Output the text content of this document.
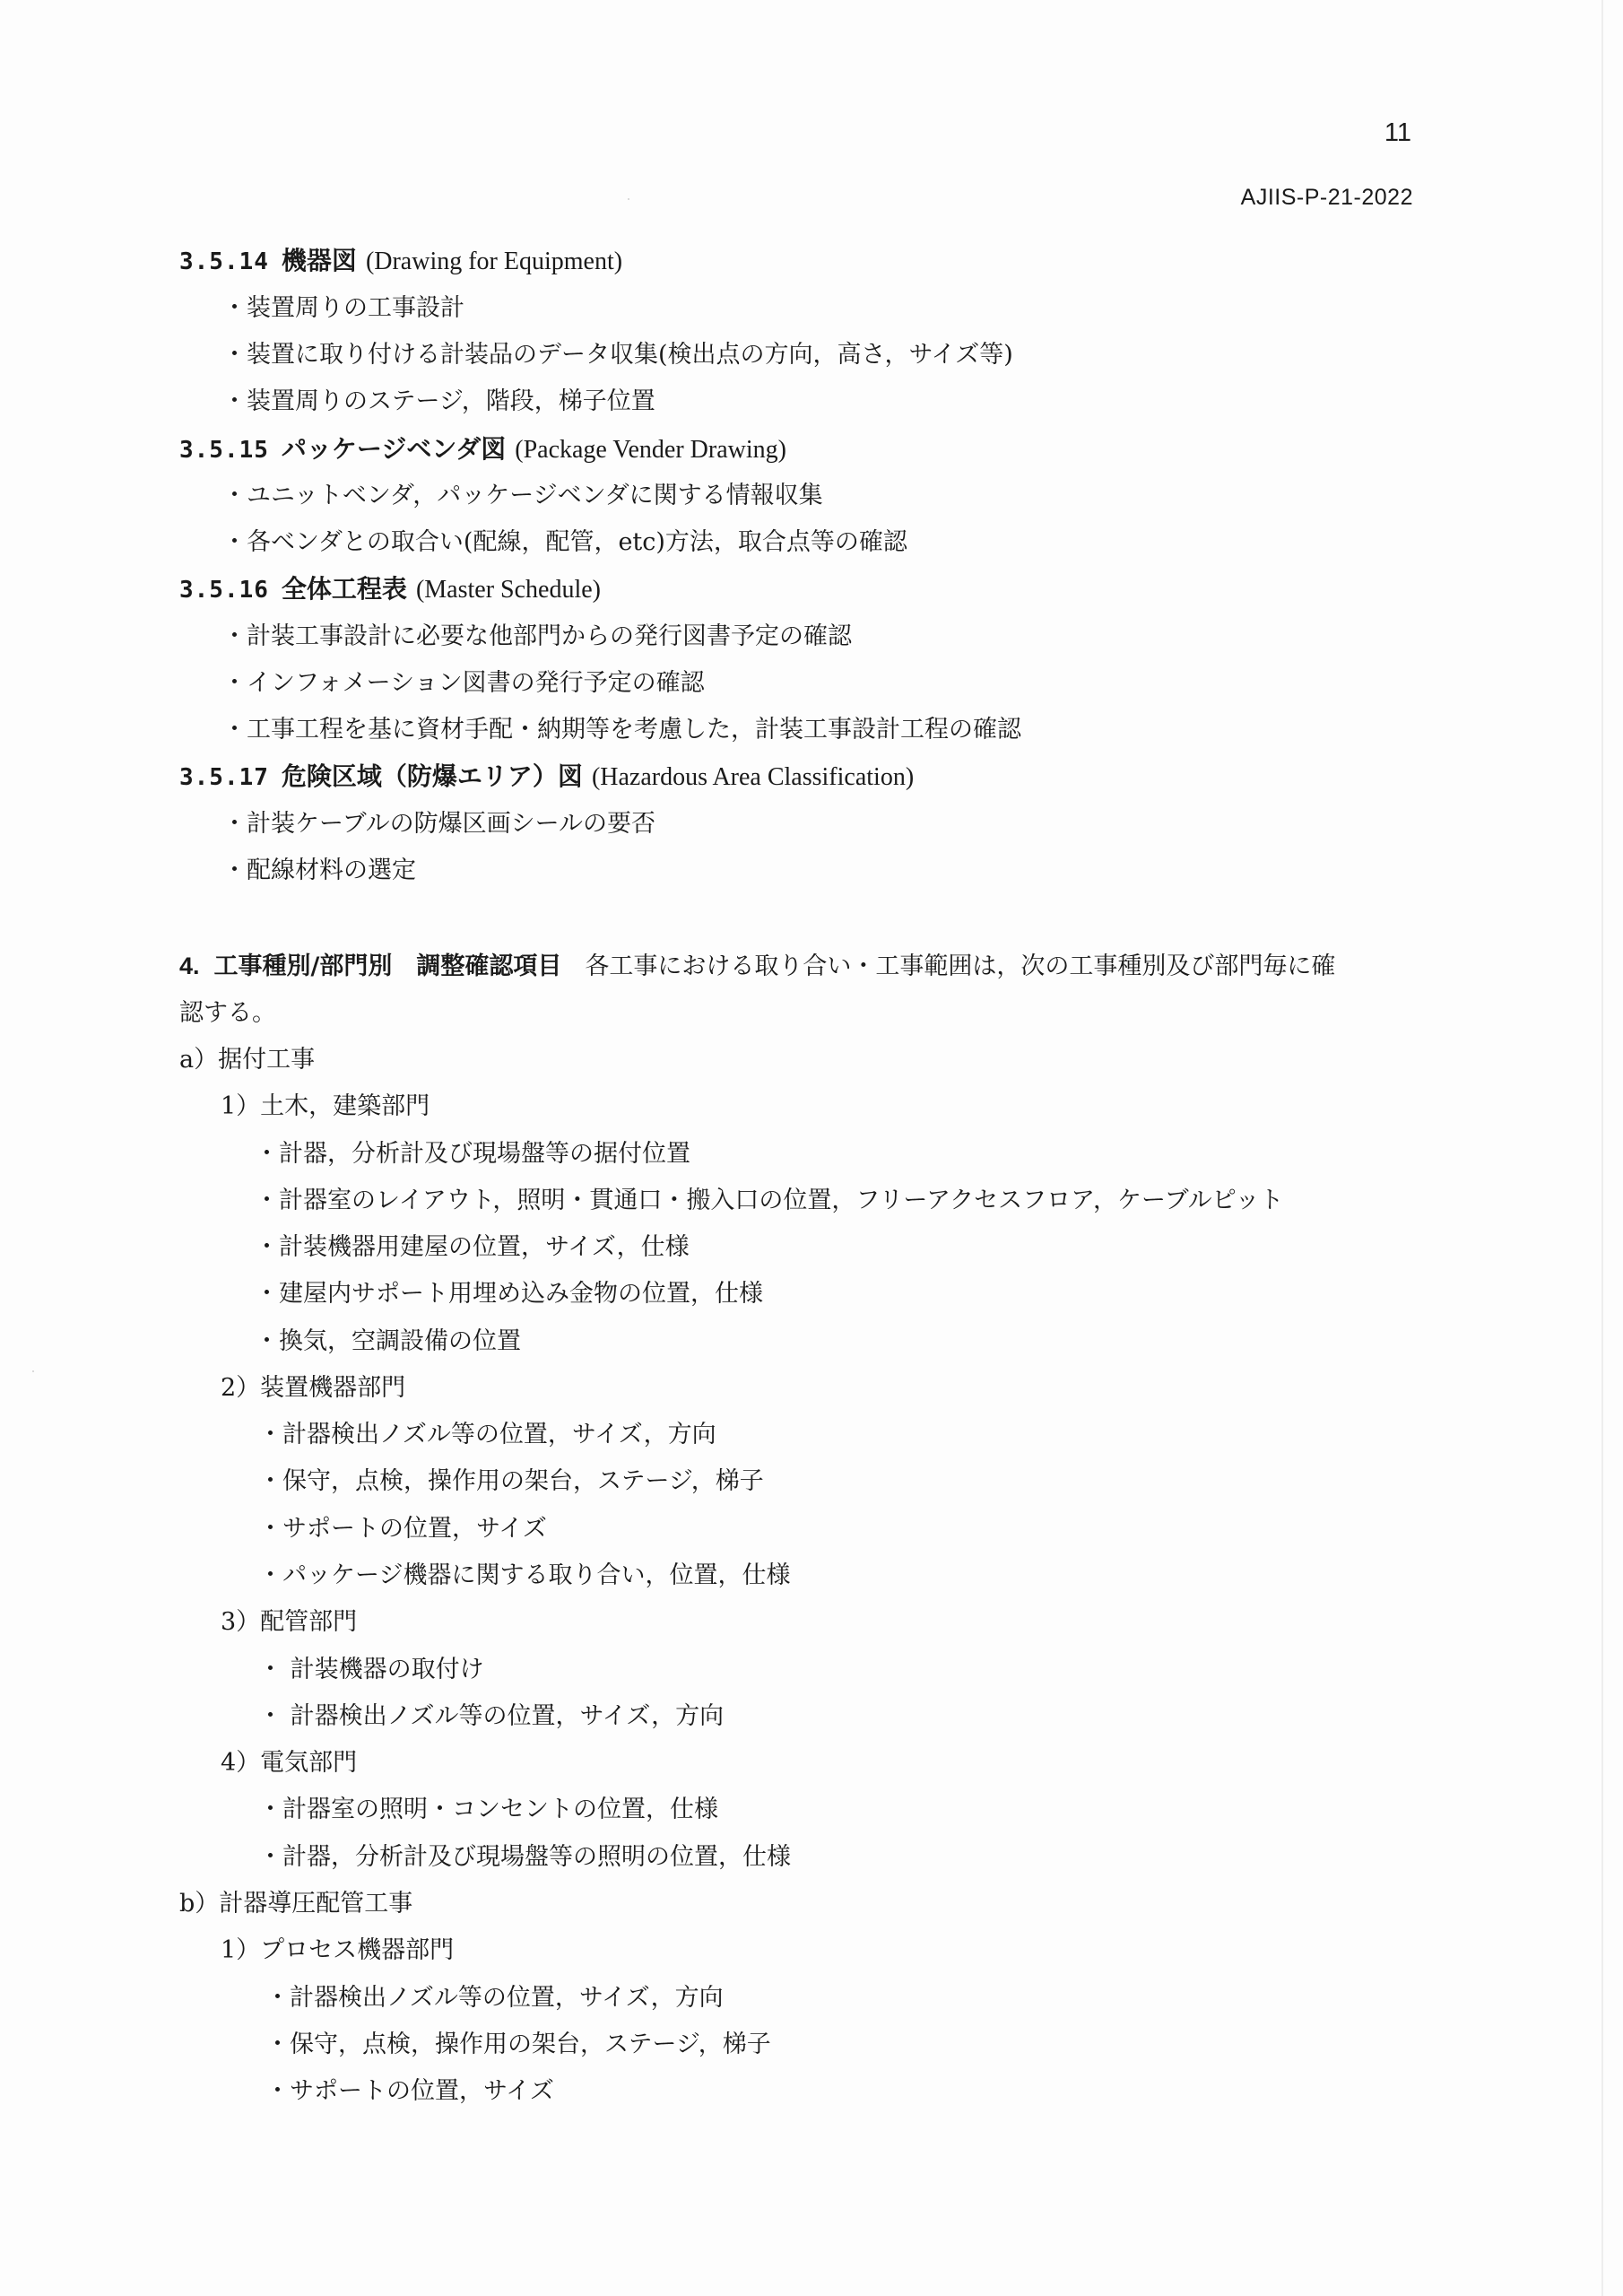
11
AJIIS-P-21-2022
3.5.14 機器図 (Drawing for Equipment)
・装置周りの工事設計
・装置に取り付ける計装品のデータ収集(検出点の方向，高さ，サイズ等)
・装置周りのステージ，階段，梯子位置
3.5.15 パッケージベンダ図 (Package Vender Drawing)
・ユニットベンダ，パッケージベンダに関する情報収集
・各ベンダとの取合い(配線，配管，etc)方法，取合点等の確認
3.5.16 全体工程表 (Master Schedule)
・計装工事設計に必要な他部門からの発行図書予定の確認
・インフォメーション図書の発行予定の確認
・工事工程を基に資材手配・納期等を考慮した，計装工事設計工程の確認
3.5.17 危険区域（防爆エリア）図 (Hazardous Area Classification)
・計装ケーブルの防爆区画シールの要否
・配線材料の選定
4. 工事種別/部門別　調整確認項目 各工事における取り合い・工事範囲は，次の工事種別及び部門毎に確
認する。
a）据付工事
1）土木，建築部門
・計器，分析計及び現場盤等の据付位置
・計器室のレイアウト，照明・貫通口・搬入口の位置，フリーアクセスフロア，ケーブルピット
・計装機器用建屋の位置，サイズ，仕様
・建屋内サポート用埋め込み金物の位置，仕様
・換気，空調設備の位置
2）装置機器部門
・計器検出ノズル等の位置，サイズ，方向
・保守，点検，操作用の架台，ステージ，梯子
・サポートの位置，サイズ
・パッケージ機器に関する取り合い，位置，仕様
3）配管部門
・ 計装機器の取付け
・ 計器検出ノズル等の位置，サイズ，方向
4）電気部門
・計器室の照明・コンセントの位置，仕様
・計器，分析計及び現場盤等の照明の位置，仕様
b）計器導圧配管工事
1）プロセス機器部門
・計器検出ノズル等の位置，サイズ，方向
・保守，点検，操作用の架台，ステージ，梯子
・サポートの位置，サイズ
